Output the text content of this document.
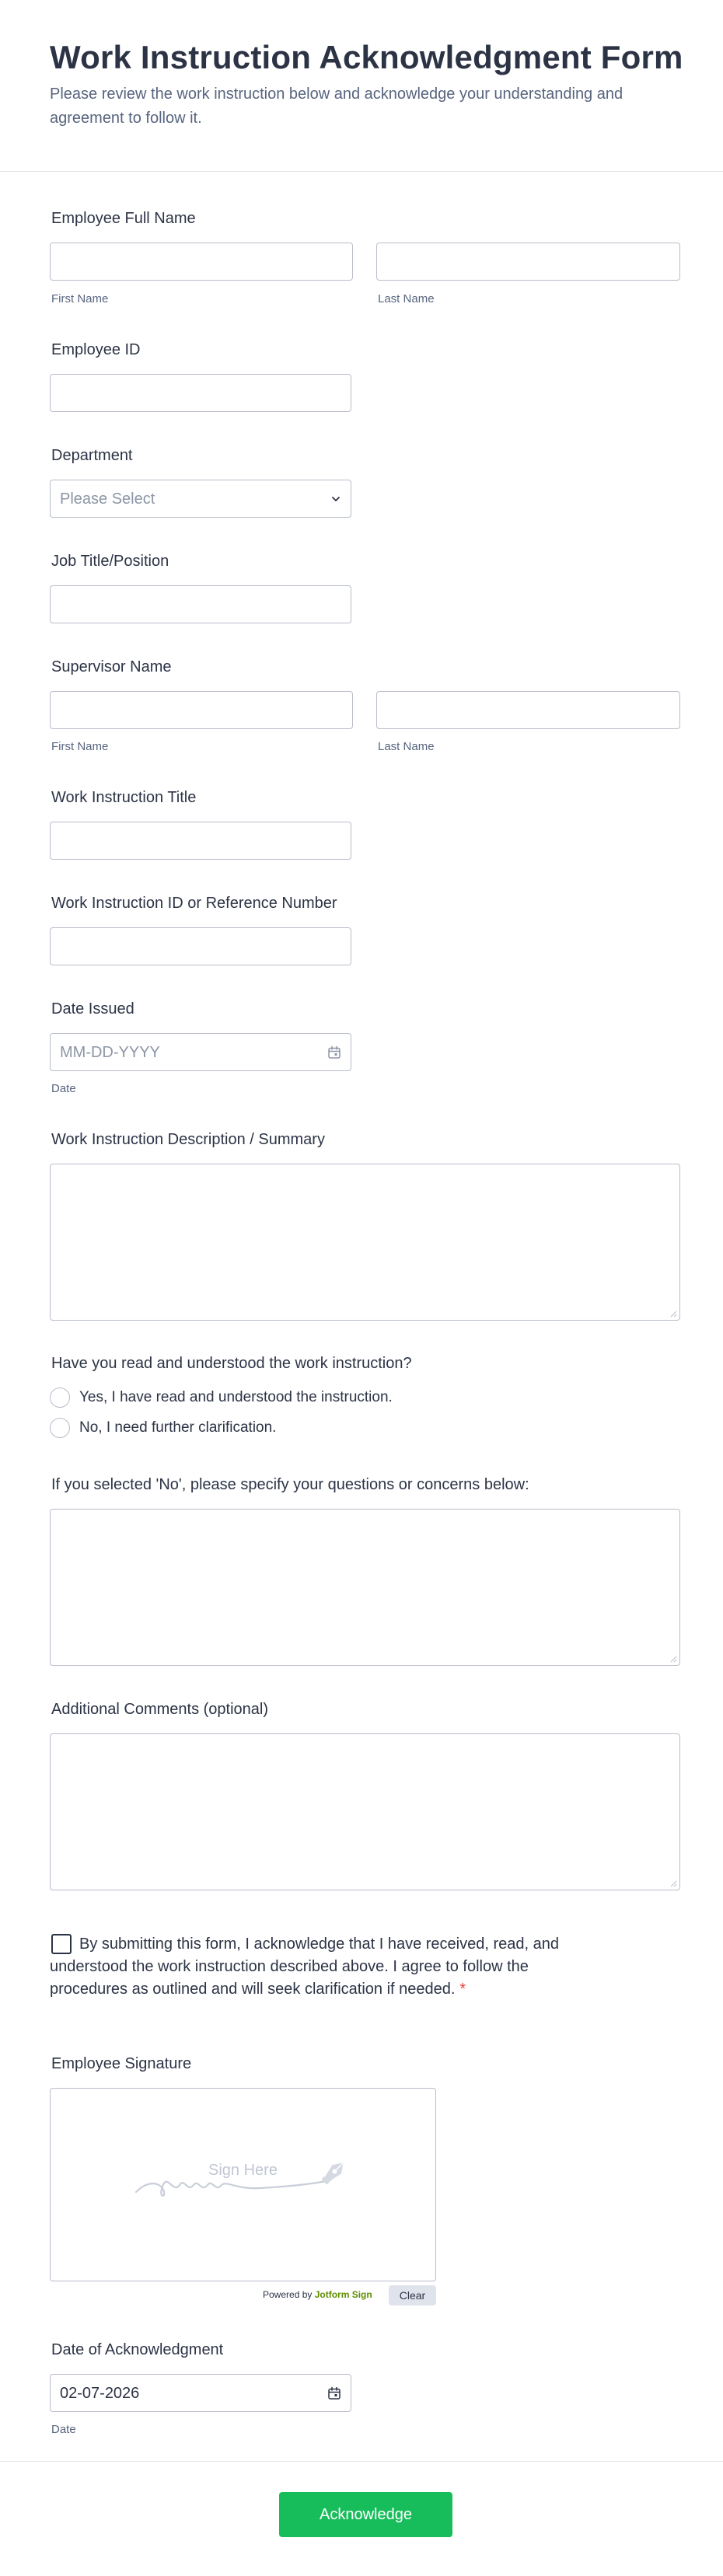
Work Instruction Acknowledgment Form
Please review the work instruction below and acknowledge your understanding and agreement to follow it.
Employee Full Name
First Name	Last Name
Employee ID
Department
Please Select
Job Title/Position
Supervisor Name
First Name	Last Name
Work Instruction Title
Work Instruction ID or Reference Number
Date Issued
MM-DD-YYYY
Date
Work Instruction Description / Summary
Have you read and understood the work instruction?
Yes, I have read and understood the instruction.
No, I need further clarification.
If you selected 'No', please specify your questions or concerns below:
Additional Comments (optional)
By submitting this form, I acknowledge that I have received, read, and understood the work instruction described above. I agree to follow the procedures as outlined and will seek clarification if needed. *
Employee Signature
Sign Here
Powered by Jotform Sign	Clear
Date of Acknowledgment
02-07-2026
Date
Acknowledge
